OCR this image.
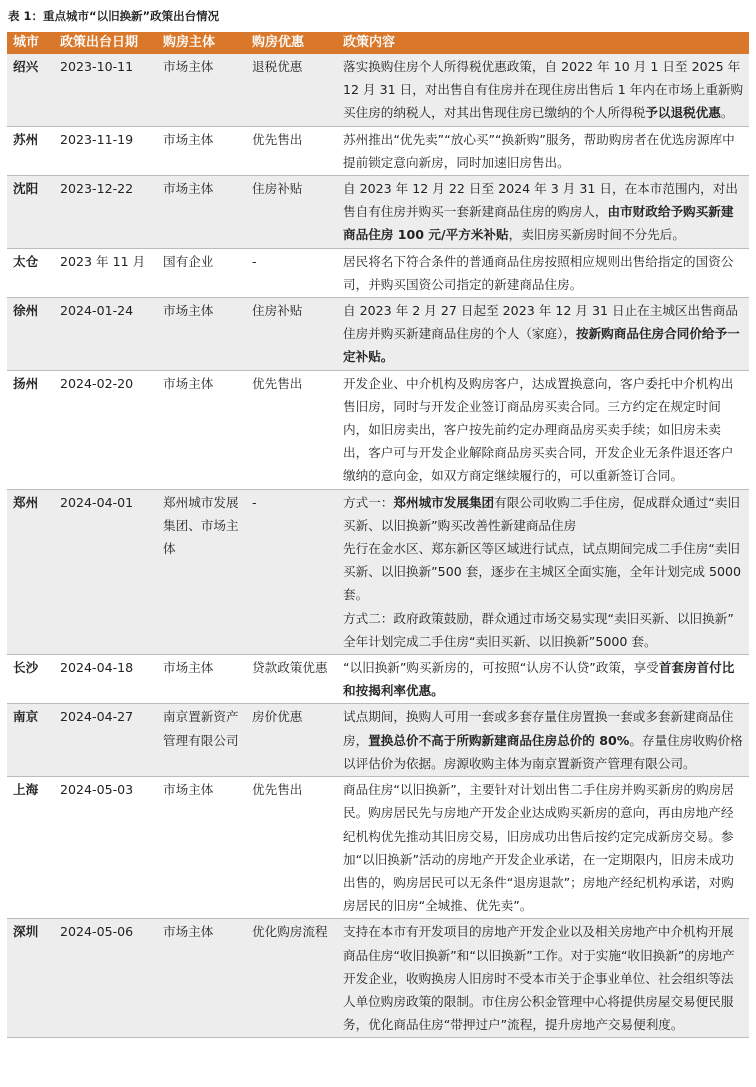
表 1：重点城市“以旧换新”政策出台情况
城市	政策出台日期	购房主体	购房优惠	政策内容
绍兴	2023-10-11	市场主体	退税优惠	落实换购住房个人所得税优惠政策，自 2022 年 10 月 1 日至 2025 年 12 月 31 日，对出售自有住房并在现住房出售后 1 年内在市场上重新购买住房的纳税人，对其出售现住房已缴纳的个人所得税予以退税优惠。
苏州	2023-11-19	市场主体	优先售出	苏州推出“优先卖”“放心买”“换新购”服务，帮助购房者在优选房源库中提前锁定意向新房，同时加速旧房售出。
沈阳	2023-12-22	市场主体	住房补贴	自 2023 年 12 月 22 日至 2024 年 3 月 31 日，在本市范围内，对出售自有住房并购买一套新建商品住房的购房人，由市财政给予购买新建商品住房 100 元/平方米补贴，卖旧房买新房时间不分先后。
太仓	2023 年 11 月	国有企业	-	居民将名下符合条件的普通商品住房按照相应规则出售给指定的国资公司，并购买国资公司指定的新建商品住房。
徐州	2024-01-24	市场主体	住房补贴	自 2023 年 2 月 27 日起至 2023 年 12 月 31 日止在主城区出售商品住房并购买新建商品住房的个人（家庭），按新购商品住房合同价给予一定补贴。
扬州	2024-02-20	市场主体	优先售出	开发企业、中介机构及购房客户，达成置换意向，客户委托中介机构出售旧房，同时与开发企业签订商品房买卖合同。三方约定在规定时间内，如旧房卖出，客户按先前约定办理商品房买卖手续；如旧房未卖出，客户可与开发企业解除商品房买卖合同，开发企业无条件退还客户缴纳的意向金，如双方商定继续履行的，可以重新签订合同。
郑州	2024-04-01	郑州城市发展集团、市场主体	-	方式一：郑州城市发展集团有限公司收购二手住房，促成群众通过“卖旧买新、以旧换新”购买改善性新建商品住房
先行在金水区、郑东新区等区域进行试点，试点期间完成二手住房“卖旧买新、以旧换新”500 套，逐步在主城区全面实施，全年计划完成 5000 套。
方式二：政府政策鼓励，群众通过市场交易实现“卖旧买新、以旧换新”
全年计划完成二手住房“卖旧买新、以旧换新”5000 套。
长沙	2024-04-18	市场主体	贷款政策优惠	“以旧换新”购买新房的，可按照“认房不认贷”政策，享受首套房首付比和按揭利率优惠。
南京	2024-04-27	南京置新资产管理有限公司	房价优惠	试点期间，换购人可用一套或多套存量住房置换一套或多套新建商品住房，置换总价不高于所购新建商品住房总价的 80%。存量住房收购价格以评估价为依据。房源收购主体为南京置新资产管理有限公司。
上海	2024-05-03	市场主体	优先售出	商品住房“以旧换新”，主要针对计划出售二手住房并购买新房的购房居民。购房居民先与房地产开发企业达成购买新房的意向，再由房地产经纪机构优先推动其旧房交易，旧房成功出售后按约定完成新房交易。参加“以旧换新”活动的房地产开发企业承诺，在一定期限内，旧房未成功出售的，购房居民可以无条件“退房退款”；房地产经纪机构承诺，对购房居民的旧房“全城推、优先卖”。
深圳	2024-05-06	市场主体	优化购房流程	支持在本市有开发项目的房地产开发企业以及相关房地产中介机构开展商品住房“收旧换新”和“以旧换新”工作。对于实施“收旧换新”的房地产开发企业，收购换房人旧房时不受本市关于企事业单位、社会组织等法人单位购房政策的限制。市住房公积金管理中心将提供房屋交易便民服务，优化商品住房“带押过户”流程，提升房地产交易便利度。
